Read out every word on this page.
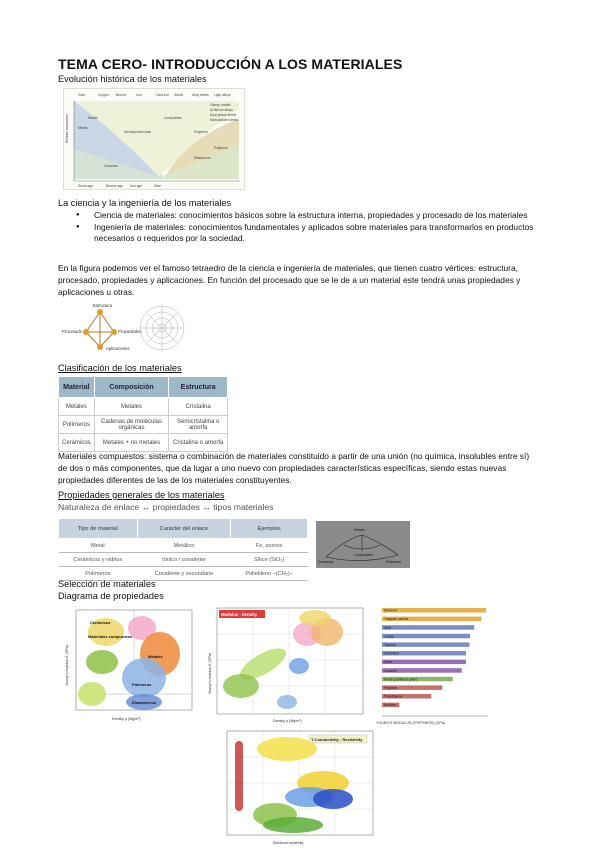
TEMA CERO- INTRODUCCIÓN A LOS MATERIALES
Evolución histórica de los materiales
Gold	Copper Bronze	Iron	Cast iron Steels	Alloy steels Light alloys
Development slow	Polymers
Metals
Glassy metals
Al-lithium alloys
Dual phase steels
Microalloyed steels
Relative importance
Stone age	Bronze age Iron age	Date
Metals
Polymers
Elastomers
Composites
Ceramics
La ciencia y la ingeniería de los materiales
● Ciencia de materiales: conocimientos básicos sobre la estructura interna, propiedades y procesado de los materiales
● Ingeniería de materiales: conocimientos fundamentales y aplicados sobre materiales para transformarlos en productos necesarios o requeridos por la sociedad.
En la figura podemos ver el famoso tetraedro de la ciencia e ingeniería de materiales, que tienen cuatro vértices: estructura, procesado, propiedades y aplicaciones. En función del procesado que se le de a un material este tendrá unas propiedades y aplicaciones u otras.
Estructura
Procesado	Propiedades
Aplicaciones
Clasificación de los materiales
Material	Composición	Estructura
Metales	Metales	Cristalina
Polímeros	Cadenas de moléculas orgánicas	Semicristalina o amorfa
Cerámicos	Metales + no metales	Cristalina o amorfa
Materiales compuestos: sistema o combinación de materiales constituido a partir de una unión (no química, insolubles entre sí) de dos o más componentes, que da lugar a uno nuevo con propiedades características específicas, siendo estas nuevas propiedades diferentes de las de los materiales constituyentes.
Propiedades generales de los materiales
Naturaleza de enlace ↔ propiedades ↔ tipos materiales
Tipo de material	Carácter del enlace	Ejemplos
Metal	Metálico	Fe, aceros
Cerámicos y vidrios	Iónico / covalente	Sílice (SiO₂)
Polímeros	Covalente y secundario	Polietileno –(CH₂)–
Metals
Ceramics	Polymers
Composites
Selección de materiales
Diagrama de propiedades
Cerámicos
Materiales compuestos
Metales
Polímeros
Elastómeros
Density ρ (Mg/m³)
Young's modulus E (GPa)
Modulus - Density
Density ρ (Mg/m³)
Young's modulus E (GPa)
Diamond
Tungsten carbide
Steel
Copper
Titanium
Aluminium
Glass
Concrete
Wood (parallel to grain)
Polyester
Polyethylene
Rubbers
YOUNG'S MODULUS (STIFFNESS) (GPa)
T-Conductivity - Resistivity
Electrical resistivity
